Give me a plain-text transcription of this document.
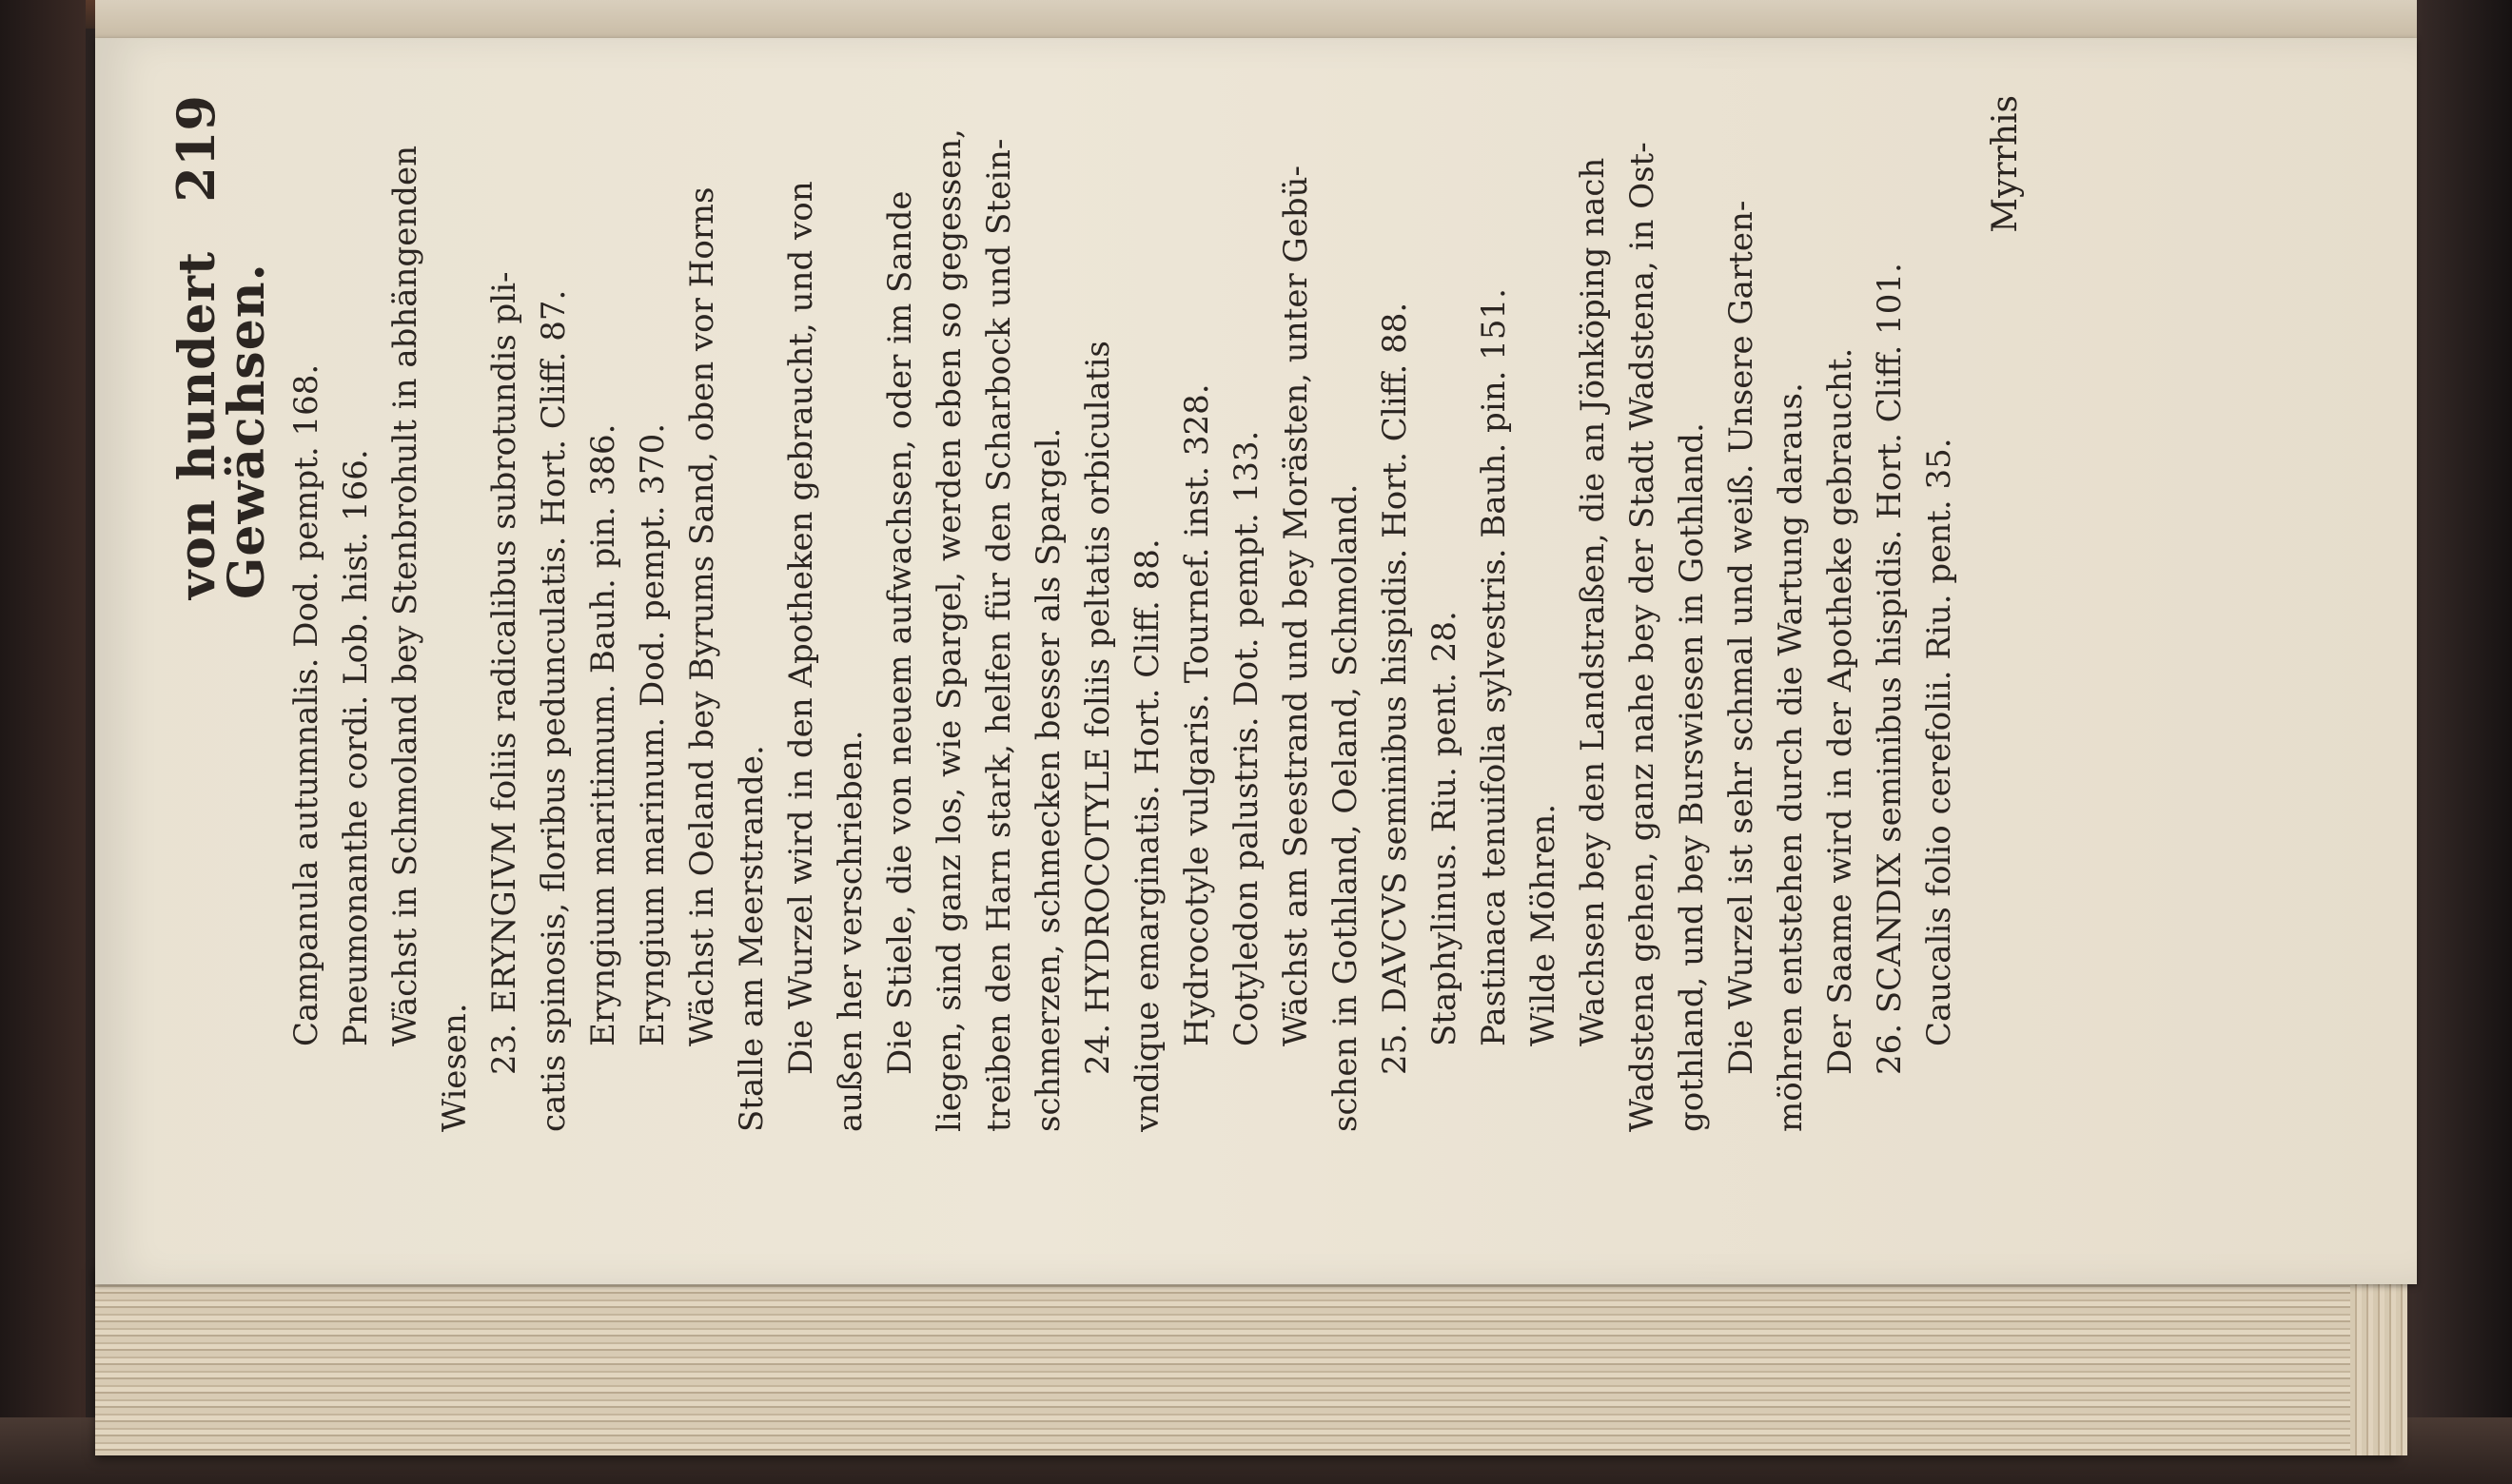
von hundert Gewächsen.
219
Campanula autumnalis. Dod. pempt. 168. Pneumonanthe cordi. Lob. hist. 166. Wächst in Schmoland bey Stenbrohult in abhängenden
Wiesen. 23. ERYNGIVM foliis radicalibus subrotundis pli- catis spinosis, floribus pedunculatis. Hort. Cliff. 87. Eryngium maritimum. Bauh. pin. 386. Eryngium marinum. Dod. pempt. 370. Wächst in Oeland bey Byrums Sand, oben vor Horns Stalle am Meerstrande. Die Wurzel wird in den Apotheken gebraucht, und von außen her verschrieben. Die Stiele, die von neuem aufwachsen, oder im Sande liegen, sind ganz los, wie Spargel, werden eben so gegessen, treiben den Harn stark, helfen für den Scharbock und Stein- schmerzen, schmecken besser als Spargel. 24. HYDROCOTYLE foliis peltatis orbiculatis vndique emarginatis. Hort. Cliff. 88. Hydrocotyle vulgaris. Tournef. inst. 328. Cotyledon palustris. Dot. pempt. 133. Wächst am Seestrand und bey Morästen, unter Gebü- schen in Gothland, Oeland, Schmoland. 25. DAVCVS seminibus hispidis. Hort. Cliff. 88. Staphylinus. Riu. pent. 28. Pastinaca tenuifolia sylvestris. Bauh. pin. 151. Wilde Möhren. Wachsen bey den Landstraßen, die an Jönköping nach Wadstena gehen, ganz nahe bey der Stadt Wadstena, in Ost- gothland, und bey Burswiesen in Gothland. Die Wurzel ist sehr schmal und weiß. Unsere Garten- möhren entstehen durch die Wartung daraus. Der Saame wird in der Apotheke gebraucht. 26. SCANDIX seminibus hispidis. Hort. Cliff. 101. Caucalis folio cerefolii. Riu. pent. 35.
Myrrhis
